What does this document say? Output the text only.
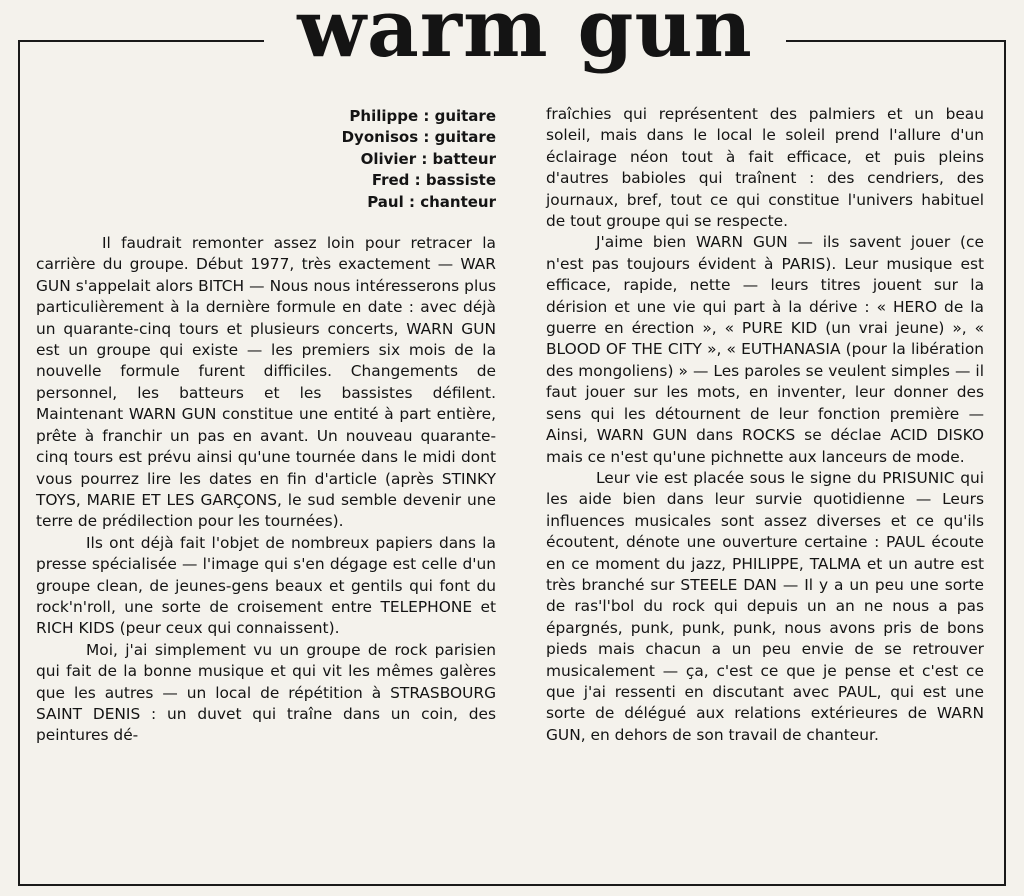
warm gun
Philippe : guitare
Dyonisos : guitare
Olivier : batteur
Fred : bassiste
Paul : chanteur

Il faudrait remonter assez loin pour retracer la carrière du groupe. Début 1977, très exactement — WAR GUN s'appelait alors BITCH — Nous nous intéresserons plus particulièrement à la dernière formule en date : avec déjà un quarante-cinq tours et plusieurs concerts, WARN GUN est un groupe qui existe — les premiers six mois de la nouvelle formule furent difficiles. Changements de personnel, les batteurs et les bassistes défilent. Maintenant WARN GUN constitue une entité à part entière, prête à franchir un pas en avant. Un nouveau quarante-cinq tours est prévu ainsi qu'une tournée dans le midi dont vous pourrez lire les dates en fin d'article (après STINKY TOYS, MARIE ET LES GARÇONS, le sud semble devenir une terre de prédilection pour les tournées).

Ils ont déjà fait l'objet de nombreux papiers dans la presse spécialisée — l'image qui s'en dégage est celle d'un groupe clean, de jeunes-gens beaux et gentils qui font du rock'n'roll, une sorte de croisement entre TELEPHONE et RICH KIDS (peur ceux qui connaissent).

Moi, j'ai simplement vu un groupe de rock parisien qui fait de la bonne musique et qui vit les mêmes galères que les autres — un local de répétition à STRASBOURG SAINT DENIS : un duvet qui traîne dans un coin, des peintures dé-

fraîchies qui représentent des palmiers et un beau soleil, mais dans le local le soleil prend l'allure d'un éclairage néon tout à fait efficace, et puis pleins d'autres babioles qui traînent : des cendriers, des journaux, bref, tout ce qui constitue l'univers habituel de tout groupe qui se respecte.

J'aime bien WARN GUN — ils savent jouer (ce n'est pas toujours évident à PARIS). Leur musique est efficace, rapide, nette — leurs titres jouent sur la dérision et une vie qui part à la dérive : « HERO de la guerre en érection », « PURE KID (un vrai jeune) », « BLOOD OF THE CITY », « EUTHANASIA (pour la libération des mongoliens) » — Les paroles se veulent simples — il faut jouer sur les mots, en inventer, leur donner des sens qui les détournent de leur fonction première — Ainsi, WARN GUN dans ROCKS se déclae ACID DISKO mais ce n'est qu'une pichnette aux lanceurs de mode.

Leur vie est placée sous le signe du PRISUNIC qui les aide bien dans leur survie quotidienne — Leurs influences musicales sont assez diverses et ce qu'ils écoutent, dénote une ouverture certaine : PAUL écoute en ce moment du jazz, PHILIPPE, TALMA et un autre est très branché sur STEELE DAN — Il y a un peu une sorte de ras'l'bol du rock qui depuis un an ne nous a pas épargnés, punk, punk, punk, nous avons pris de bons pieds mais chacun a un peu envie de se retrouver musicalement — ça, c'est ce que je pense et c'est ce que j'ai ressenti en discutant avec PAUL, qui est une sorte de délégué aux relations extérieures de WARN GUN, en dehors de son travail de chanteur.
